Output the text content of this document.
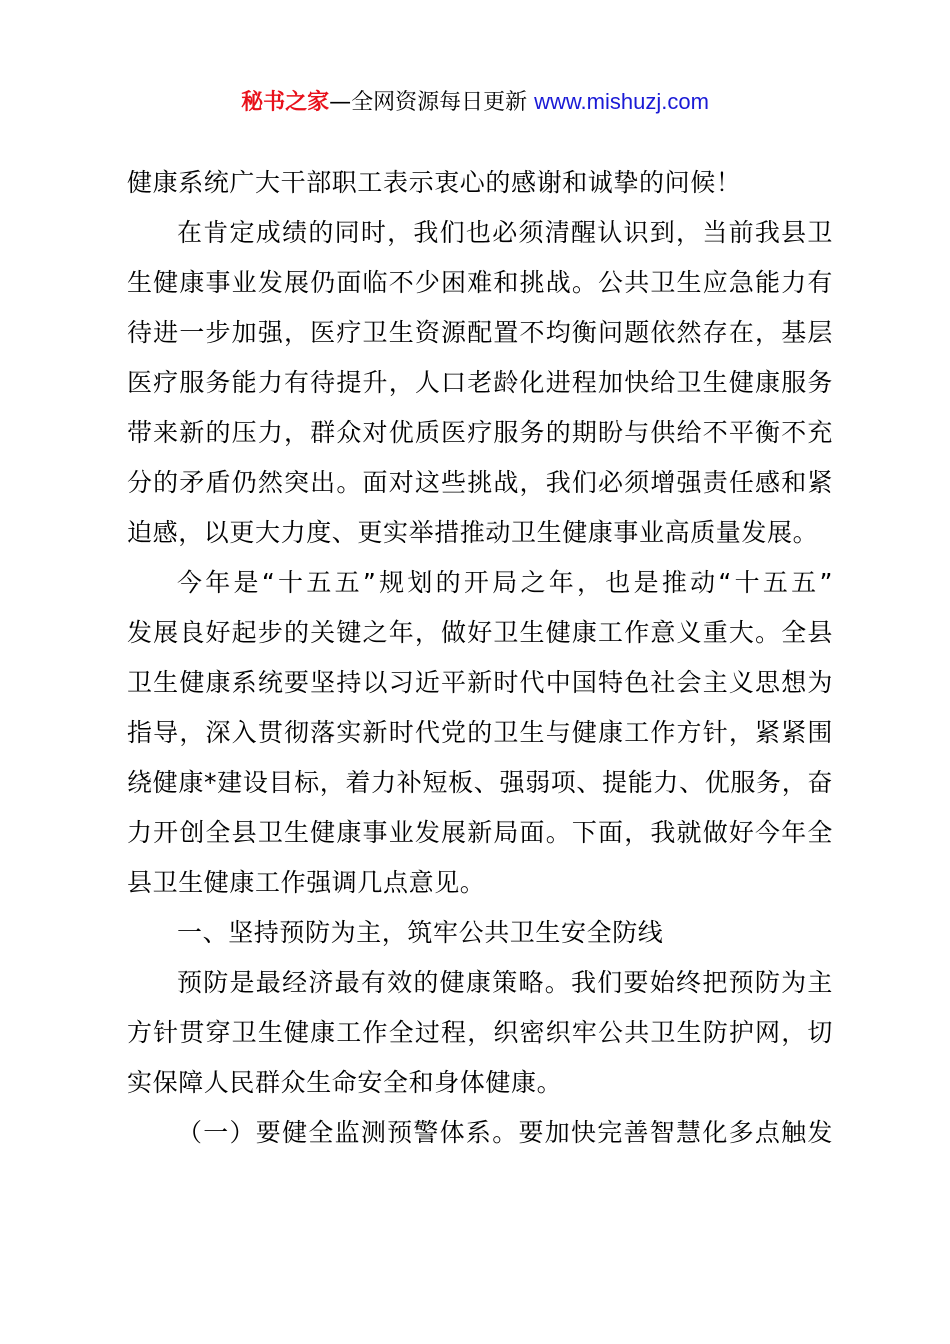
秘书之家—全网资源每日更新 www.mishuzj.com
健康系统广大干部职工表示衷心的感谢和诚挚的问候！
在肯定成绩的同时，我们也必须清醒认识到，当前我县卫
生健康事业发展仍面临不少困难和挑战。公共卫生应急能力有
待进一步加强，医疗卫生资源配置不均衡问题依然存在，基层
医疗服务能力有待提升，人口老龄化进程加快给卫生健康服务
带来新的压力，群众对优质医疗服务的期盼与供给不平衡不充
分的矛盾仍然突出。面对这些挑战，我们必须增强责任感和紧
迫感，以更大力度、更实举措推动卫生健康事业高质量发展。
今年是“十五五”规划的开局之年，也是推动“十五五”
发展良好起步的关键之年，做好卫生健康工作意义重大。全县
卫生健康系统要坚持以习近平新时代中国特色社会主义思想为
指导，深入贯彻落实新时代党的卫生与健康工作方针，紧紧围
绕健康*建设目标，着力补短板、强弱项、提能力、优服务，奋
力开创全县卫生健康事业发展新局面。下面，我就做好今年全
县卫生健康工作强调几点意见。
一、坚持预防为主，筑牢公共卫生安全防线
预防是最经济最有效的健康策略。我们要始终把预防为主
方针贯穿卫生健康工作全过程，织密织牢公共卫生防护网，切
实保障人民群众生命安全和身体健康。
（一）要健全监测预警体系。要加快完善智慧化多点触发
